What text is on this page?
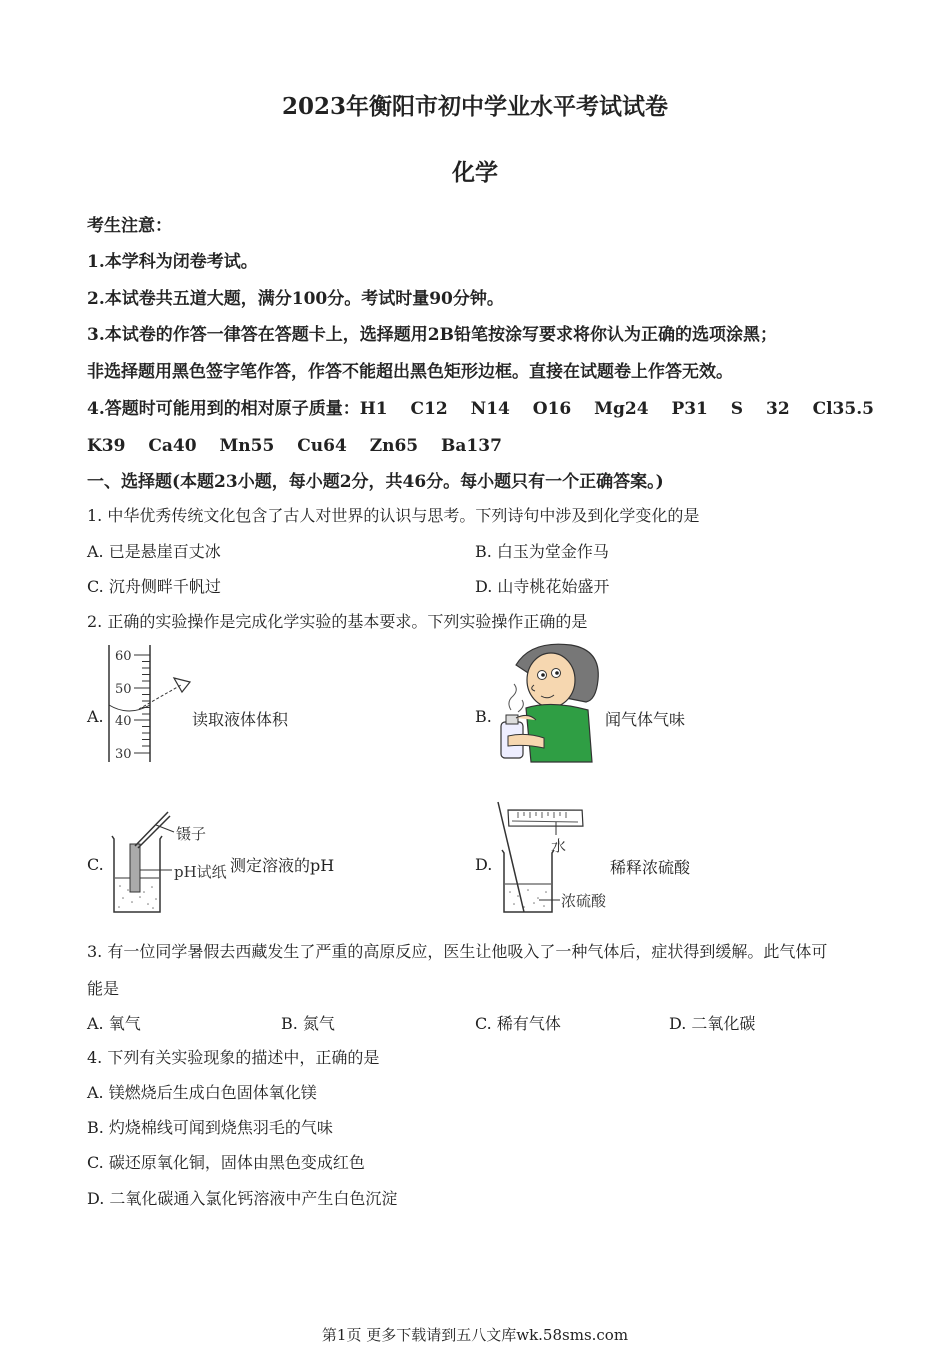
2023年衡阳市初中学业水平考试试卷
化学
考生注意：
1.本学科为闭卷考试。
2.本试卷共五道大题，满分100分。考试时量90分钟。
3.本试卷的作答一律答在答题卡上，选择题用2B铅笔按涂写要求将你认为正确的选项涂黑；
非选择题用黑色签字笔作答，作答不能超出黑色矩形边框。直接在试题卷上作答无效。
4.答题时可能用到的相对原子质量：H1　 C12　 N14　 O16　 Mg24　 P31　 S　 32　 Cl35.5
K39　 Ca40　 Mn55　 Cu64　 Zn65　 Ba137
一、选择题(本题23小题，每小题2分，共46分。每小题只有一个正确答案。)
1. 中华优秀传统文化包含了古人对世界的认识与思考。下列诗句中涉及到化学变化的是
A. 已是悬崖百丈冰	B. 白玉为堂金作马
C. 沉舟侧畔千帆过	D. 山寺桃花始盛开
2. 正确的实验操作是完成化学实验的基本要求。下列实验操作正确的是
A.
60
50
40
30
读取液体体积	B.	闻气体气味
C.
镊子
pH试纸 测定溶液的pH	D.
水
浓硫酸
稀释浓硫酸
3. 有一位同学暑假去西藏发生了严重的高原反应，医生让他吸入了一种气体后，症状得到缓解。此气体可
能是
A. 氧气	B. 氮气	C. 稀有气体	D. 二氧化碳
4. 下列有关实验现象的描述中，正确的是
A. 镁燃烧后生成白色固体氧化镁
B. 灼烧棉线可闻到烧焦羽毛的气味
C. 碳还原氧化铜，固体由黑色变成红色
D. 二氧化碳通入氯化钙溶液中产生白色沉淀
第1页 更多下载请到五八文库wk.58sms.com
